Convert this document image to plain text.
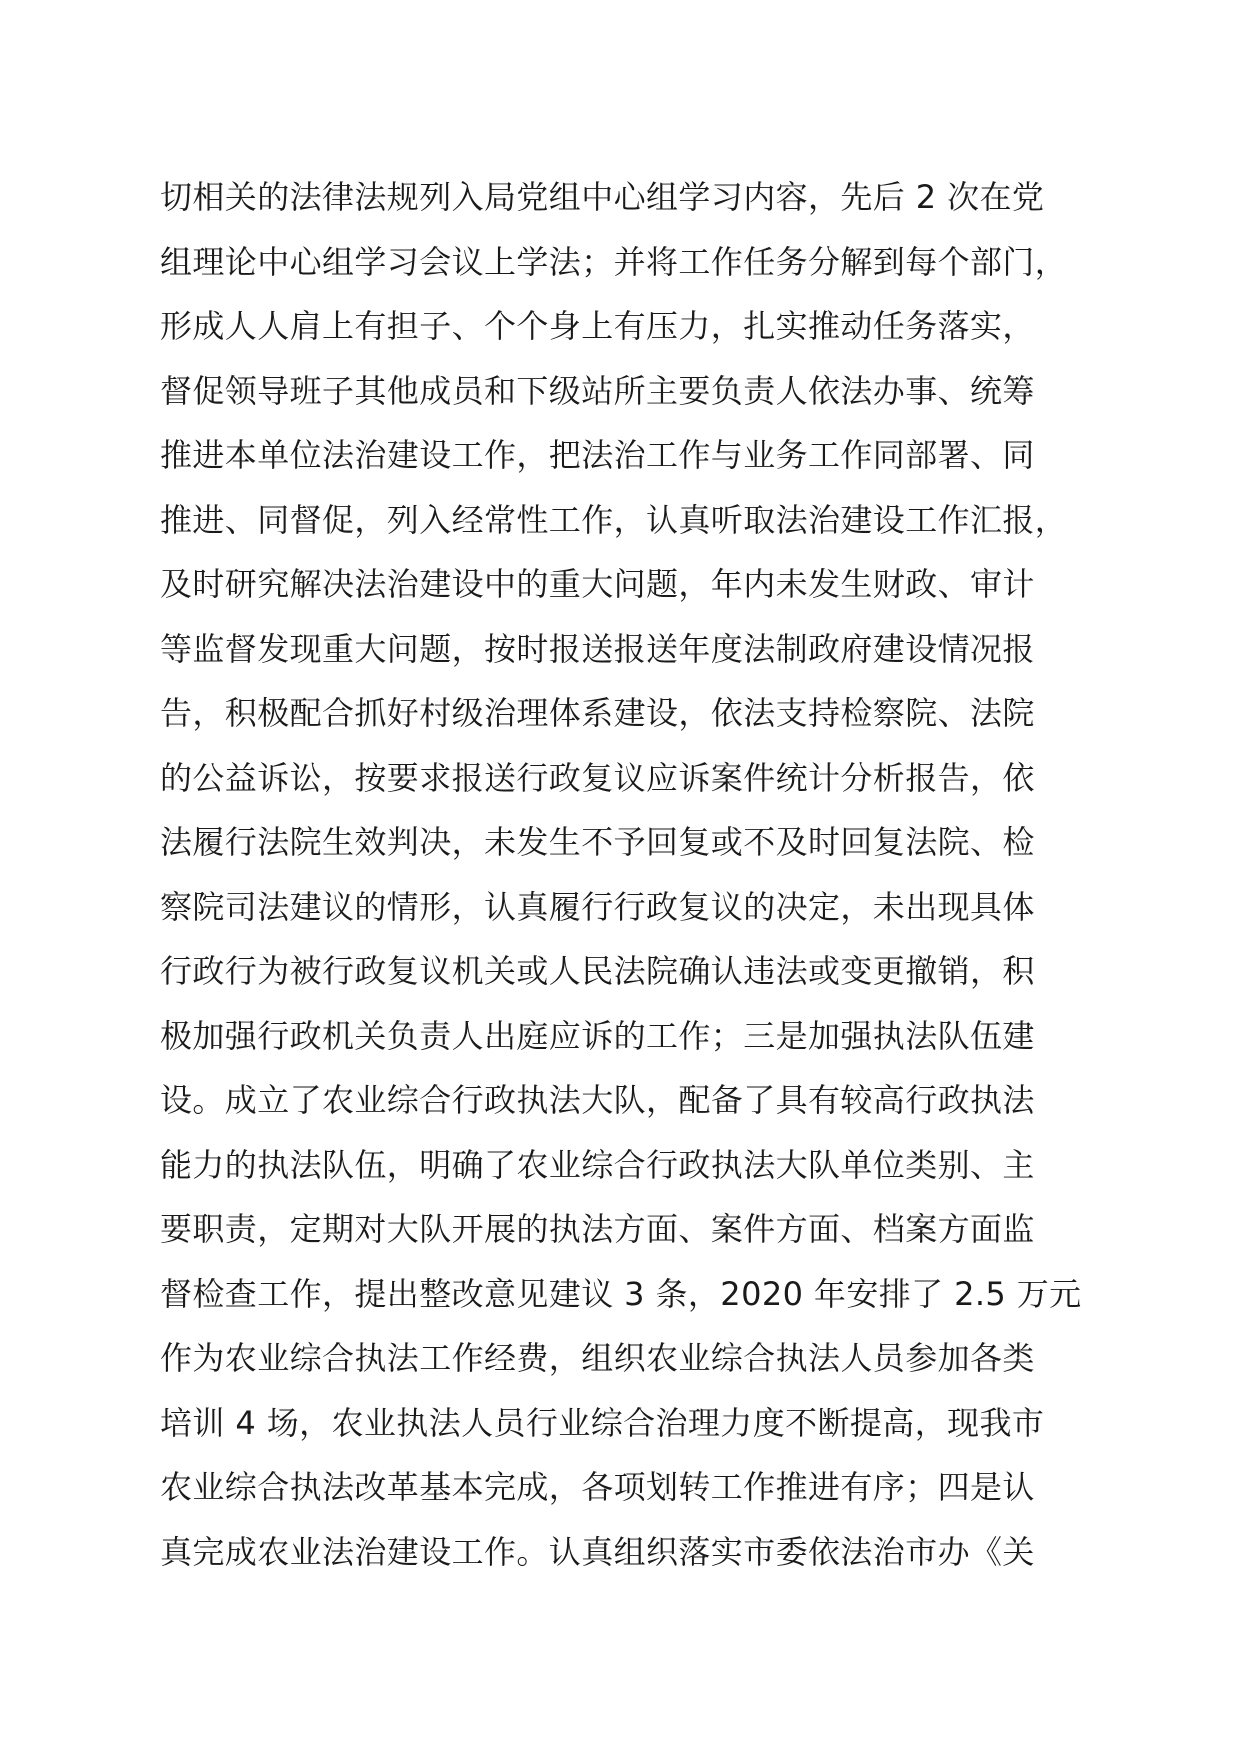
切相关的法律法规列入局党组中心组学习内容，先后 2 次在党
组理论中心组学习会议上学法；并将工作任务分解到每个部门，
形成人人肩上有担子、个个身上有压力，扎实推动任务落实，
督促领导班子其他成员和下级站所主要负责人依法办事、统筹
推进本单位法治建设工作，把法治工作与业务工作同部署、同
推进、同督促，列入经常性工作，认真听取法治建设工作汇报，
及时研究解决法治建设中的重大问题，年内未发生财政、审计
等监督发现重大问题，按时报送报送年度法制政府建设情况报
告，积极配合抓好村级治理体系建设，依法支持检察院、法院
的公益诉讼，按要求报送行政复议应诉案件统计分析报告，依
法履行法院生效判决，未发生不予回复或不及时回复法院、检
察院司法建议的情形，认真履行行政复议的决定，未出现具体
行政行为被行政复议机关或人民法院确认违法或变更撤销，积
极加强行政机关负责人出庭应诉的工作；三是加强执法队伍建
设。成立了农业综合行政执法大队，配备了具有较高行政执法
能力的执法队伍，明确了农业综合行政执法大队单位类别、主
要职责，定期对大队开展的执法方面、案件方面、档案方面监
督检查工作，提出整改意见建议 3 条，2020 年安排了 2.5 万元
作为农业综合执法工作经费，组织农业综合执法人员参加各类
培训 4 场，农业执法人员行业综合治理力度不断提高，现我市
农业综合执法改革基本完成，各项划转工作推进有序；四是认
真完成农业法治建设工作。认真组织落实市委依法治市办《关
